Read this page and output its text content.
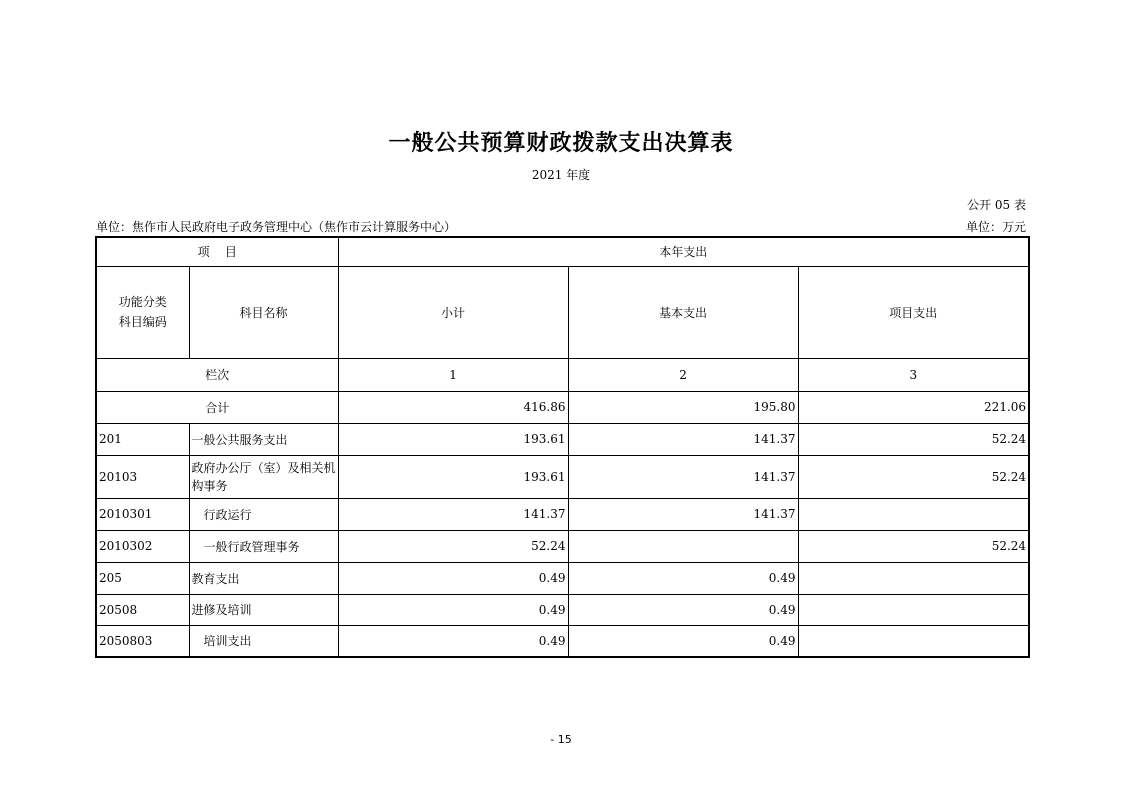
一般公共预算财政拨款支出决算表
2021 年度
公开 05 表
单位：焦作市人民政府电子政务管理中心（焦作市云计算服务中心）	单位：万元
项    目		本年支出		

功能分类科目编码	科目名称	小计	基本支出	项目支出
栏次		1	2	3
合计		416.86	195.80	221.06
201	一般公共服务支出	193.61	141.37	52.24
20103	政府办公厅（室）及相关机构事务	193.61	141.37	52.24
2010301	行政运行	141.37	141.37	
2010302	一般行政管理事务	52.24		52.24
205	教育支出	0.49	0.49	
20508	进修及培训	0.49	0.49	
2050803	培训支出	0.49	0.49	
- 15
